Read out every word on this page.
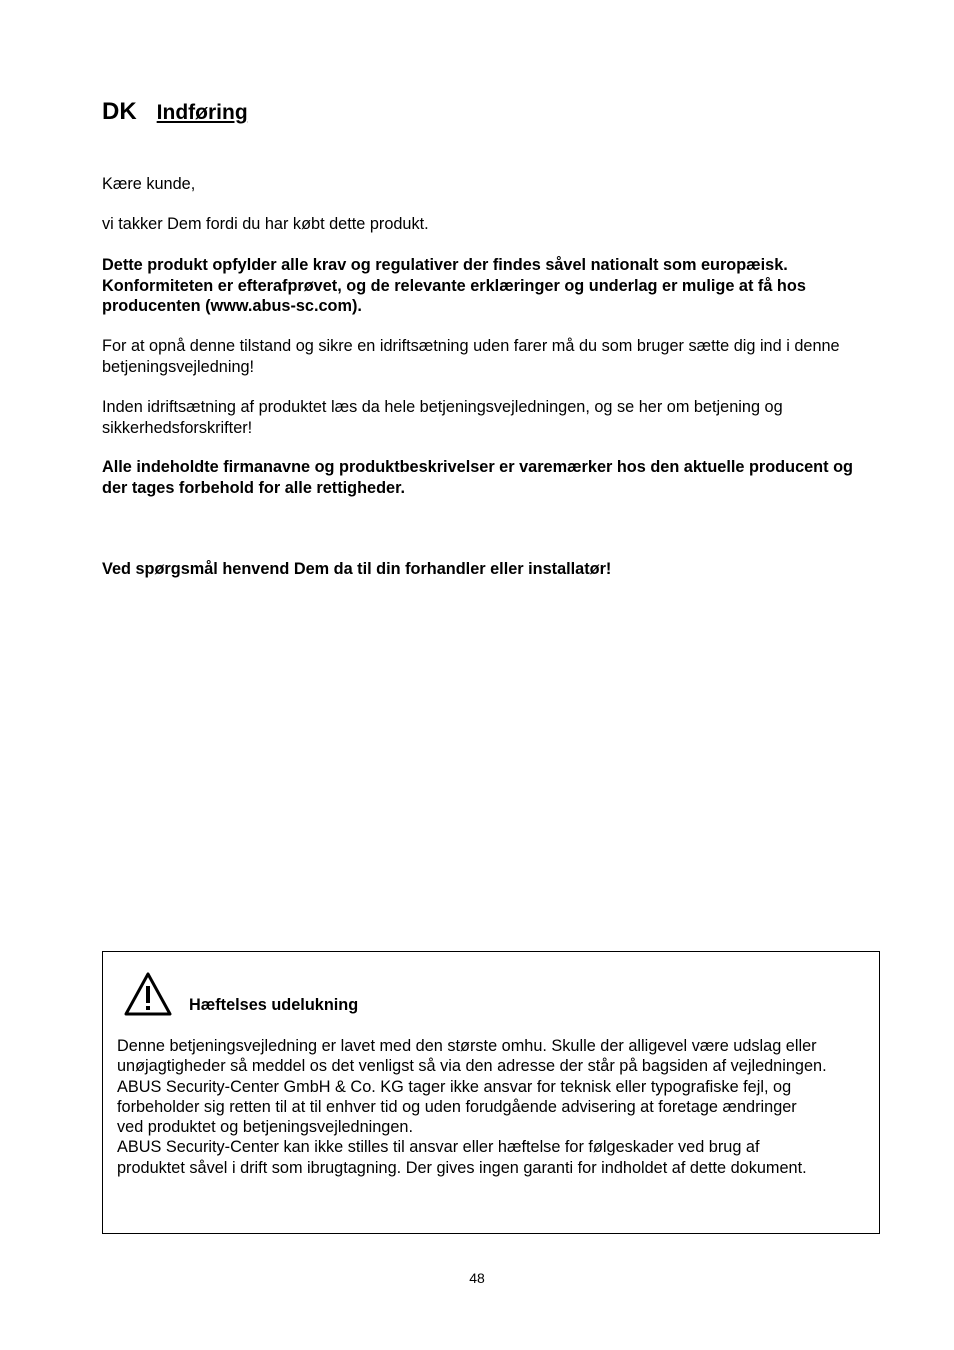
DK Indføring

Kære kunde,

vi takker Dem fordi du har købt dette produkt.

Dette produkt opfylder alle krav og regulativer der findes såvel nationalt som europæisk. Konformiteten er efterafprøvet, og de relevante erklæringer og underlag er mulige at få hos producenten (www.abus-sc.com).

For at opnå denne tilstand og sikre en idriftsætning uden farer må du som bruger sætte dig ind i denne betjeningsvejledning!

Inden idriftsætning af produktet læs da hele betjeningsvejledningen, og se her om betjening og sikkerhedsforskrifter!

Alle indeholdte firmanavne og produktbeskrivelser er varemærker hos den aktuelle producent og der tages forbehold for alle rettigheder.

Ved spørgsmål henvend Dem da til din forhandler eller installatør!

Hæftelses udelukning
Denne betjeningsvejledning er lavet med den største omhu. Skulle der alligevel være udslag eller
unøjagtigheder så meddel os det venligst så via den adresse der står på bagsiden af vejledningen.
ABUS Security-Center GmbH & Co. KG tager ikke ansvar for teknisk eller typografiske fejl, og
forbeholder sig retten til at til enhver tid og uden forudgående advisering at foretage ændringer
ved produktet og betjeningsvejledningen.
ABUS Security-Center kan ikke stilles til ansvar eller hæftelse for følgeskader ved brug af
produktet såvel i drift som ibrugtagning. Der gives ingen garanti for indholdet af dette dokument.
48
